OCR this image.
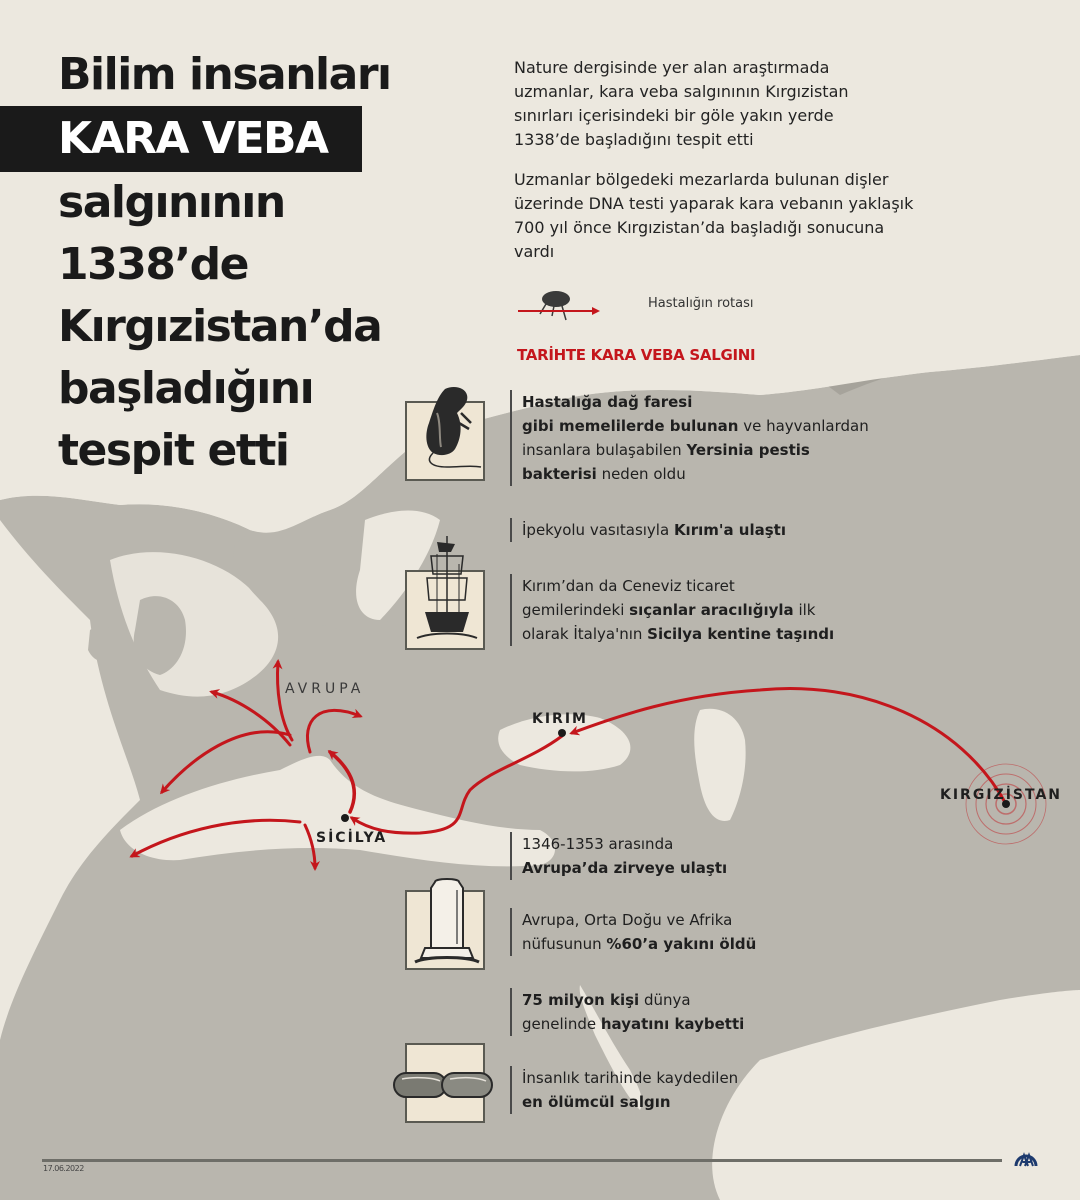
Bilim insanları
KARA VEBA
salgınının
1338’de
Kırgızistan’da
başladığını
tespit etti

Nature dergisinde yer alan araştırmada uzmanlar, kara veba salgınının Kırgızistan sınırları içerisindeki bir göle yakın yerde 1338’de başladığını tespit etti

Uzmanlar bölgedeki mezarlarda bulunan dişler üzerinde DNA testi yaparak kara vebanın yaklaşık 700 yıl önce Kırgızistan’da başladığı sonucuna vardı

Hastalığın rotası
TARİHTE KARA VEBA SALGINI
Hastalığa dağ faresi
gibi memelilerde bulunan ve hayvanlardan
insanlara bulaşabilen Yersinia pestis
bakterisi neden oldu
İpekyolu vasıtasıyla Kırım'a ulaştı
Kırım’dan da Ceneviz ticaret
gemilerindeki sıçanlar aracılığıyla ilk
olarak İtalya'nın Sicilya kentine taşındı
1346-1353 arasında
Avrupa’da zirveye ulaştı
Avrupa, Orta Doğu ve Afrika
nüfusunun %60’a yakını öldü
75 milyon kişi dünya
genelinde hayatını kaybetti
İnsanlık tarihinde kaydedilen
en ölümcül salgın
AVRUPA
KIRIM
SİCİLYA
KIRGIZİSTAN
17.06.2022
